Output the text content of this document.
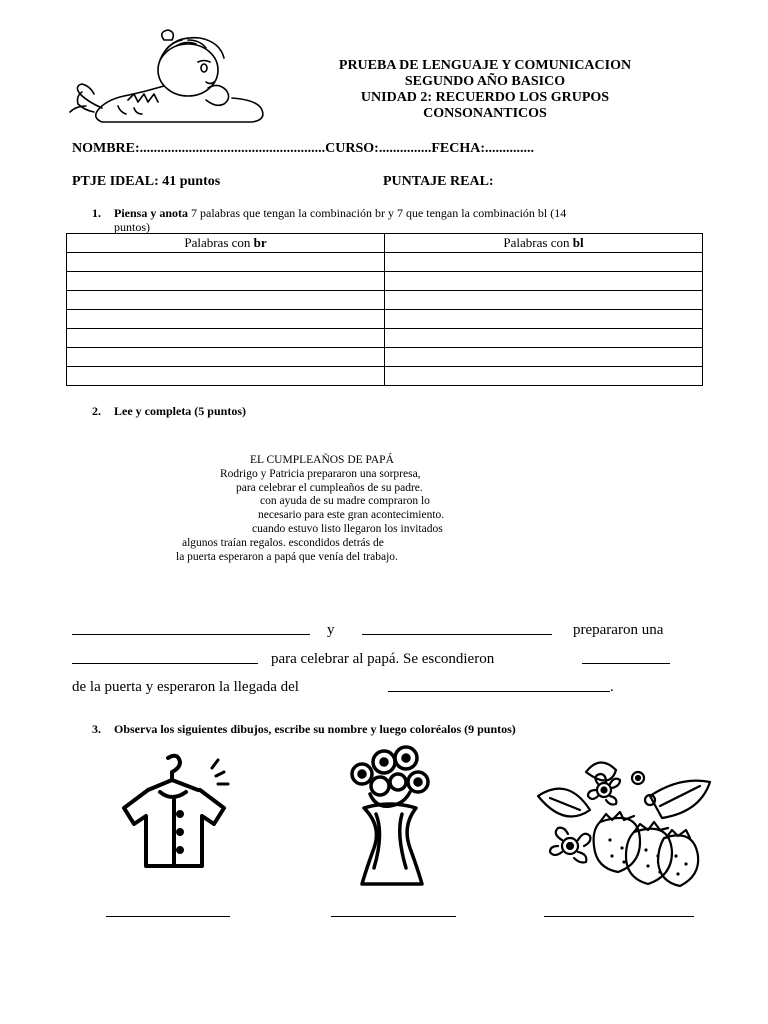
PRUEBA DE LENGUAJE Y COMUNICACION
SEGUNDO AÑO BASICO
UNIDAD 2: RECUERDO LOS GRUPOS
CONSONANTICOS
NOMBRE:.....................................................CURSO:...............FECHA:..............
PTJE IDEAL: 41 puntos	PUNTAJE REAL:
1. Piensa y anota 7 palabras que tengan la combinación br y 7 que tengan la combinación bl (14
puntos)
Palabras con br	Palabras con bl

2. Lee y completa (5 puntos)
EL CUMPLEAÑOS DE PAPÁ
Rodrigo y Patricia prepararon una sorpresa,
para celebrar el cumpleaños de su padre.
con ayuda de su madre compraron lo
necesario para este gran acontecimiento.
cuando estuvo listo llegaron los invitados
algunos traían regalos. escondidos detrás de
la puerta esperaron a papá que venía del trabajo.
y	prepararon una
para celebrar al papá. Se escondieron
de la puerta y esperaron la llegada del	.
3. Observa los siguientes dibujos, escribe su nombre y luego coloréalos (9 puntos)
